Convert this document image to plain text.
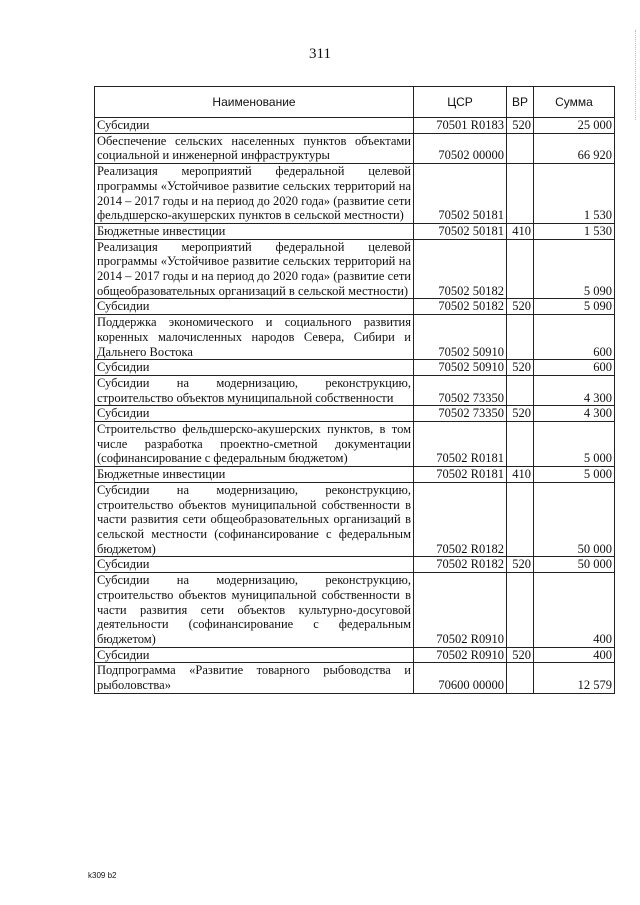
311
Наименование	ЦСР	ВР	Сумма
Субсидии	70501 R0183	520	25 000
Обеспечение сельских населенных пунктов объектами социальной и инженерной инфраструктуры	70502 00000		66 920
Реализация мероприятий федеральной целевой программы «Устойчивое развитие сельских территорий на 2014 – 2017 годы и на период до 2020 года» (развитие сети фельдшерско-акушерских пунктов в сельской местности)	70502 50181		1 530
Бюджетные инвестиции	70502 50181	410	1 530
Реализация мероприятий федеральной целевой программы «Устойчивое развитие сельских территорий на 2014 – 2017 годы и на период до 2020 года» (развитие сети общеобразовательных организаций в сельской местности)	70502 50182		5 090
Субсидии	70502 50182	520	5 090
Поддержка экономического и социального развития коренных малочисленных народов Севера, Сибири и Дальнего Востока	70502 50910		600
Субсидии	70502 50910	520	600
Субсидии на модернизацию, реконструкцию, строительство объектов муниципальной собственности	70502 73350		4 300
Субсидии	70502 73350	520	4 300
Строительство фельдшерско-акушерских пунктов, в том числе разработка проектно-сметной документации (софинансирование с федеральным бюджетом)	70502 R0181		5 000
Бюджетные инвестиции	70502 R0181	410	5 000
Субсидии на модернизацию, реконструкцию, строительство объектов муниципальной собственности в части развития сети общеобразовательных организаций в сельской местности (софинансирование с федеральным бюджетом)	70502 R0182		50 000
Субсидии	70502 R0182	520	50 000
Субсидии на модернизацию, реконструкцию, строительство объектов муниципальной собственности в части развития сети объектов культурно-досуговой деятельности (софинансирование с федеральным бюджетом)	70502 R0910		400
Субсидии	70502 R0910	520	400
Подпрограмма «Развитие товарного рыбоводства и рыболовства»	70600 00000		12 579
k309 b2
